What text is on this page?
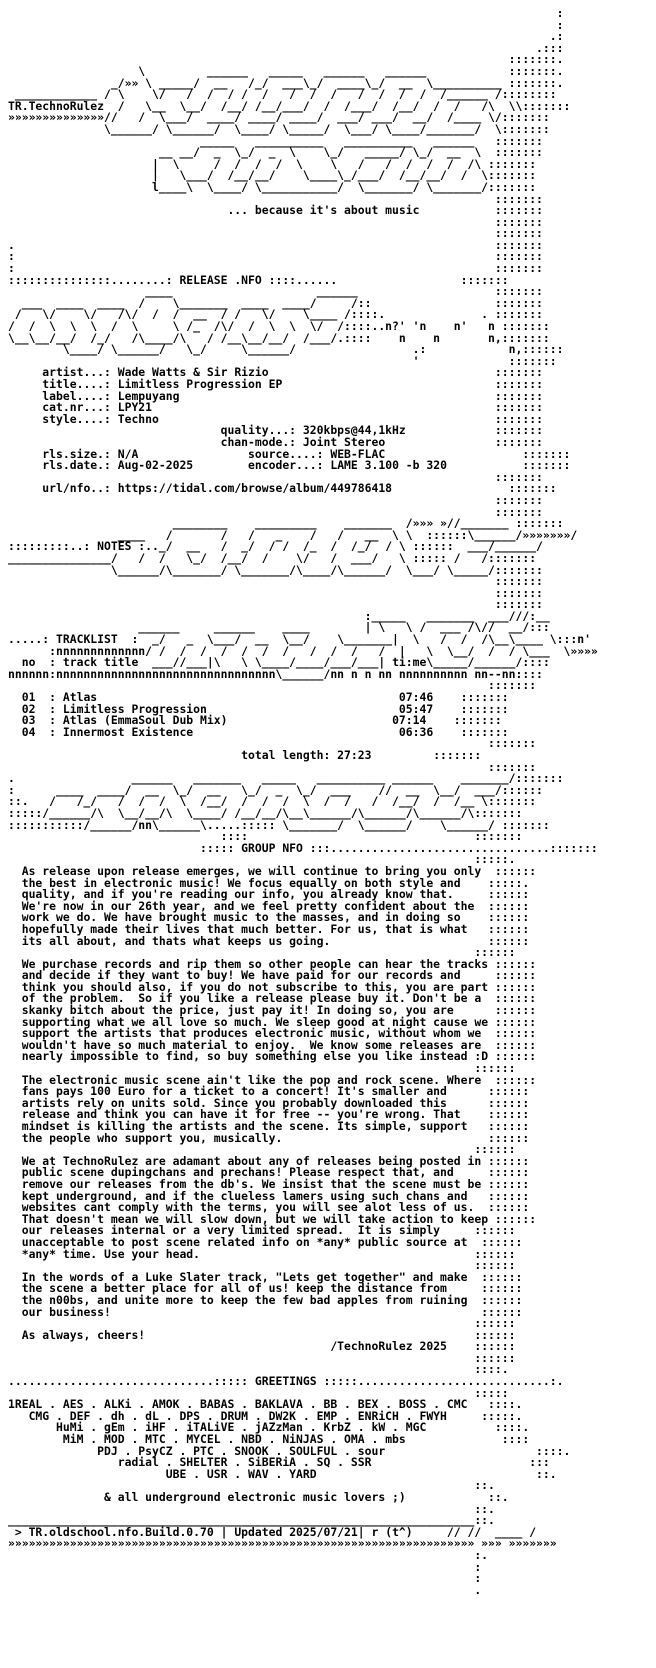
:
:
.:
.:::
:::::::.
\         ______   _____   ______   ______            :::::::.
_/»» \ _____/  __   /_/  ___\_/  ____\_/  __  \__________ :::::::.
____________ / \    \/   /  /  / /  /   /  /  /   /  /  /  /  /______ /::::::::
TR.TechnoRulez  /   \__  \__/  /__/ /__/___/  /  /___/  /__/  /  /   /\  \\:::::::
»»»»»»»»»»»»»»//   /  \___/  ____/ ____/ ____/  ___/ ___/  __/  /____ \/:::::::
\______/ \______/  \____/ \_____/  \___/ \____/_______/  \:::::::
_____   __________   __________   ______   :::::::
__ __/  _  \_/  _  \    \_/   _____/ \_/  __  \  :::::::
|  \     /  /  /  /  \    \   /   /  /  /  /  /\ :::::::
|   \___/  /__/__/    \____\_/___/  /__/__/  /  \:::::::
l____\  \____/ \___________/  \_______/ \_______/:::::::
:::::::
... because it's about music           :::::::
:::::::
:::::::
.                                                                      :::::::
:                                                                      :::::::
:                                                                      :::::::
:::::::::::::::........: RELEASE .NFO ::::......                  :::::::
____                     ______                    :::::::
___  ____  ____  /    \_______  ____  ____/     /::                  :::::::
/   \/    \/   /\/  /  /  __  / /   \/    \____ /::::.              . :::::::
/  /  \  \  \  /  \     \ /_  /\/  /  \  \  \/  /::::..n?' 'n    n'   n :::::::
\__\__/__/  /_/   /\____/\   / /__\__/__/  /___/.::::    n    n       n,:::::::
\____/ \______/   \_/     \______/                 .:            n,::::::
'             :::::::
artist...: Wade Watts & Sir Rizio                                 :::::::
title....: Limitless Progression EP                               :::::::
label....: Lempuyang                                              :::::::
cat.nr...: LPY21                                                  :::::::
style....: Techno                                                 :::::::
quality...: 320kbps@44,1kHz             :::::::
chan-mode.: Joint Stereo                :::::::
rls.size.: N/A	source....: WEB-FLAC                    :::::::
rls.date.: Aug-02-2025	encoder...: LAME 3.100 -b 320           :::::::
:::::::
url/nfo..: https://tidal.com/browse/album/449786418                 :::::::
:::::::
:::::::
________    _________    _______  /»»» »//_______ :::::::
____   /       /   /   _    /   /   __  \ \  ::::::\______/»»»»»»»/
:::::::::..: NOTES :.._/  __   /  _/  / /  /_  /  /_/  / \ ::::::  ___/______/
_______________/   /  /   \_/  /__/  /    \/   /  ___/   \ ::::: /   /:::::::
\______/\_______/ \_______/\____/\______/  \___/ \_____/:::::::
:::::::
:::::::
:::::::
:_____   _______  ___///:__
______     ______    ____        | \   \ /  ___ /\//  __/:::
.....: TRACKLIST  :  _/   _  \___/  __  \__/    \_______|  \   /  /  /\__\____ \:::n'
:nnnnnnnnnnnnn/ /  /  /  /  /  /  /   /  /  /   /  |   \  \__/  /  / \___  \»»»»
no : track title  ___//___|\   \ \____/____/___/___| ti:me\_____/______/::::
nnnnnn:nnnnnnnnnnnnnnnnnnnnnnnnnnnnnnnn\______/nn n n nn nnnnnnnnnn nn--nn::::
:::::::
01 : Atlas	07:46    :::::::
02 : Limitless Progression	05:47    :::::::
03 : Atlas (EmmaSoul Dub Mix)	07:14    :::::::
04 : Innermost Existence	06:36    :::::::
:::::::
total length: 27:23         :::::::
:::::::
.                 ______   _______   _____   __________ ______    _______/:::::::
:      ____  ____/  __  \_/  __   \_/  _  \_/  ___    //  __  \__/  ___/::::::
::.   /   /_/   /  /  /  \  /__/  /  /  /  \  /  /   /  /__/  /  /__ \:::::::
:::::/______/\  \__/__/\  \____/ /__/__/\__\______/\______/\______/\:::::::
:::::::::::/______/nn\______\.....::::: \_______/  \______/    \______/ :::::::
::::                                 :::::::
::::: GROUP NFO :::................................:::::::
:::::.
As release upon release emerges, we will continue to bring you only  ::::::
the best in electronic music! We focus equally on both style and    :::::.
quality, and if you're reading our info, you already know that.     ::::::
We're now in our 26th year, and we feel pretty confident about the  ::::::
work we do. We have brought music to the masses, and in doing so    ::::::
hopefully made their lives that much better. For us, that is what   ::::::
its all about, and thats what keeps us going.                       ::::::
::::::
We purchase records and rip them so other people can hear the tracks ::::::
and decide if they want to buy! We have paid for our records and     ::::::
think you should also, if you do not subscribe to this, you are part ::::::
of the problem.  So if you like a release please buy it. Don't be a  ::::::
skanky bitch about the price, just pay it! In doing so, you are      ::::::
supporting what we all love so much. We sleep good at night cause we ::::::
support the artists that produces electronic music, without whom we  ::::::
wouldn't have so much material to enjoy.  We know some releases are  ::::::
nearly impossible to find, so buy something else you like instead :D ::::::
::::::
The electronic music scene ain't like the pop and rock scene. Where  ::::::
fans pays 100 Euro for a ticket to a concert! It's smaller and      ::::::
artists rely on units sold. Since you probably downloaded this      ::::::
release and think you can have it for free -- you're wrong. That    ::::::
mindset is killing the artists and the scene. Its simple, support   ::::::
the people who support you, musically.                              ::::::
::::::
We at TechnoRulez are adamant about any of releases being posted in ::::::
public scene dupingchans and prechans! Please respect that, and     ::::::
remove our releases from the db's. We insist that the scene must be ::::::
kept underground, and if the clueless lamers using such chans and   ::::::
websites cant comply with the terms, you will see alot less of us.  ::::::
That doesn't mean we will slow down, but we will take action to keep ::::::
our releases internal or a very limited spread.  It is simply     ::::::
unacceptable to post scene related info on *any* public source at  ::::::
*any* time. Use your head.                                        ::::::
::::::
In the words of a Luke Slater track, "Lets get together" and make  ::::::
the scene a better place for all of us! keep the distance from     ::::::
the n00bs, and unite more to keep the few bad apples from ruining  ::::::
our business!                                                      ::::::
::::::
As always, cheers!                                                ::::::
/TechnoRulez 2025    ::::::
::::::
::::.
..............................::::: GREETINGS :::::............................:.
:::::
1REAL . AES . ALKi . AMOK . BABAS . BAKLAVA . BB . BEX . BOSS . CMC   ::::.
CMG . DEF . dh . dL . DPS . DRUM . DW2K . EMP . ENRiCH . FWYH     :::::.
HuMi . gEm . iHF . iTALiVE . jAZzMan . KrbZ . kW . MGC          ::::.
MiM . MOD . MTC . MYCEL . NBD . NiNJAS . OMA . mbs              ::::
PDJ . PsyCZ . PTC . SNOOK . SOULFUL . sour                      ::::.
radial . SHELTER . SiBERiA . SQ . SSR                       :::
UBE . USR . WAV . YARD                                ::.
::.
& all underground electronic music lovers ;)            ::.
::.
____________________________________________________________________::.
> TR.oldschool.nfo.Build.0.70 | Updated 2025/07/21| r (t^)     // //  ____ /
»»»»»»»»»»»»»»»»»»»»»»»»»»»»»»»»»»»»»»»»»»»»»»»»»»»»»»»»»»»»»»»»»»»» »»» »»»»»»»
:.
:
:
.
